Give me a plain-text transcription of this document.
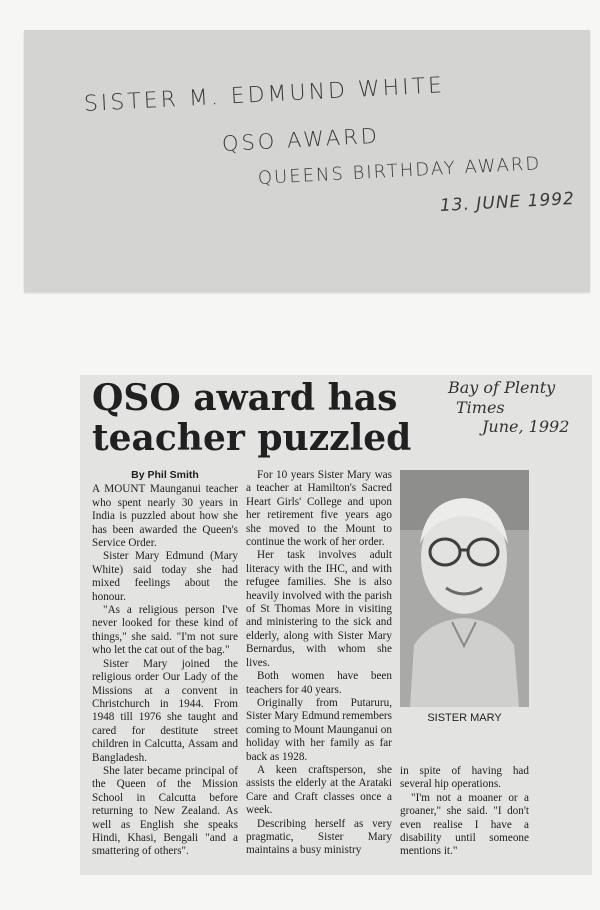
SISTER M. EDMUND WHITE
QSO AWARD
QUEENS BIRTHDAY AWARD
13. JUNE 1992
QSO award has
teacher puzzled
Bay of Plenty
Times
June, 1992
By Phil Smith

A MOUNT Maunganui teacher who spent nearly 30 years in India is puzzled about how she has been awarded the Queen's Service Order.

Sister Mary Edmund (Mary White) said today she had mixed feelings about the honour.

"As a religious person I've never looked for these kind of things," she said. "I'm not sure who let the cat out of the bag."

Sister Mary joined the religious order Our Lady of the Missions at a convent in Christchurch in 1944. From 1948 till 1976 she taught and cared for destitute street children in Calcutta, Assam and Bangladesh.

She later became principal of the Queen of the Mission School in Calcutta before returning to New Zealand. As well as English she speaks Hindi, Khasi, Bengali "and a smattering of others".

For 10 years Sister Mary was a teacher at Hamilton's Sacred Heart Girls' College and upon her retirement five years ago she moved to the Mount to continue the work of her order.

Her task involves adult literacy with the IHC, and with refugee families. She is also heavily involved with the parish of St Thomas More in visiting and ministering to the sick and elderly, along with Sister Mary Bernardus, with whom she lives.

Both women have been teachers for 40 years.

Originally from Putaruru, Sister Mary Edmund remembers coming to Mount Maunganui on holiday with her family as far back as 1928.

A keen craftsperson, she assists the elderly at the Arataki Care and Craft classes once a week.

Describing herself as very pragmatic, Sister Mary maintains a busy ministry

SISTER MARY

in spite of having had several hip operations.

"I'm not a moaner or a groaner," she said. "I don't even realise I have a disability until someone mentions it."
